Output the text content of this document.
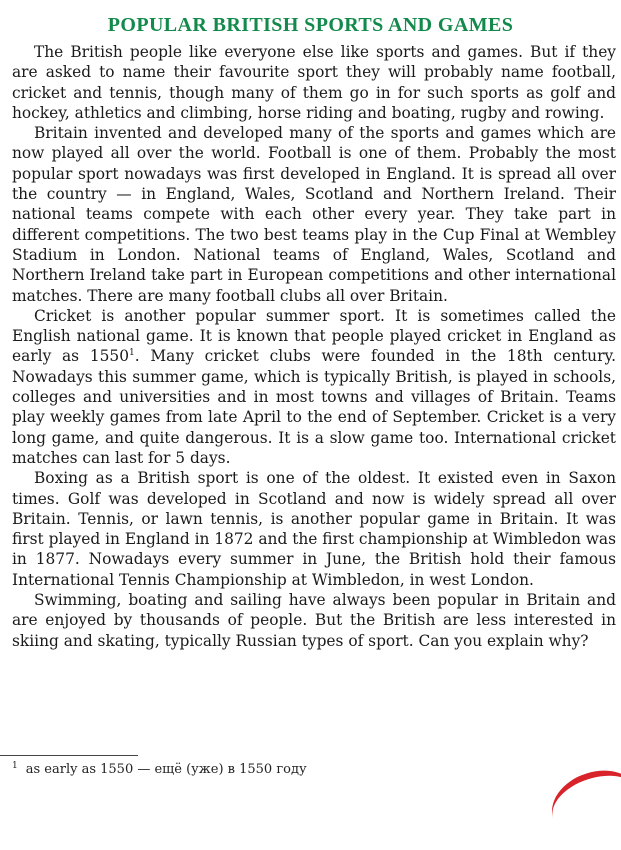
POPULAR BRITISH SPORTS AND GAMES

The British people like everyone else like sports and games. But if they are asked to name their favourite sport they will probably name football, cricket and tennis, though many of them go in for such sports as golf and hockey, athletics and climbing, horse riding and boating, rugby and rowing.

Britain invented and developed many of the sports and games which are now played all over the world. Football is one of them. Probably the most popular sport nowadays was first developed in England. It is spread all over the country — in England, Wales, Scotland and Northern Ireland. Their national teams compete with each other every year. They take part in different competitions. The two best teams play in the Cup Final at Wembley Stadium in London. National teams of England, Wales, Scotland and Northern Ireland take part in European competitions and other international matches. There are many football clubs all over Britain.

Cricket is another popular summer sport. It is sometimes called the English national game. It is known that people played cricket in England as early as 1550$^1$. Many cricket clubs were founded in the 18th century. Nowadays this summer game, which is typically British, is played in schools, colleges and universities and in most towns and villages of Britain. Teams play weekly games from late April to the end of September. Cricket is a very long game, and quite dangerous. It is a slow game too. International cricket matches can last for 5 days.

Boxing as a British sport is one of the oldest. It existed even in Saxon times. Golf was developed in Scotland and now is widely spread all over Britain. Tennis, or lawn tennis, is another popular game in Britain. It was first played in England in 1872 and the first championship at Wimbledon was in 1877. Nowadays every summer in June, the British hold their famous International Tennis Championship at Wimbledon, in west London.

Swimming, boating and sailing have always been popular in Britain and are enjoyed by thousands of people. But the British are less interested in skiing and skating, typically Russian types of sport. Can you explain why?

$^1$ as early as 1550 — ещё (уже) в 1550 году
